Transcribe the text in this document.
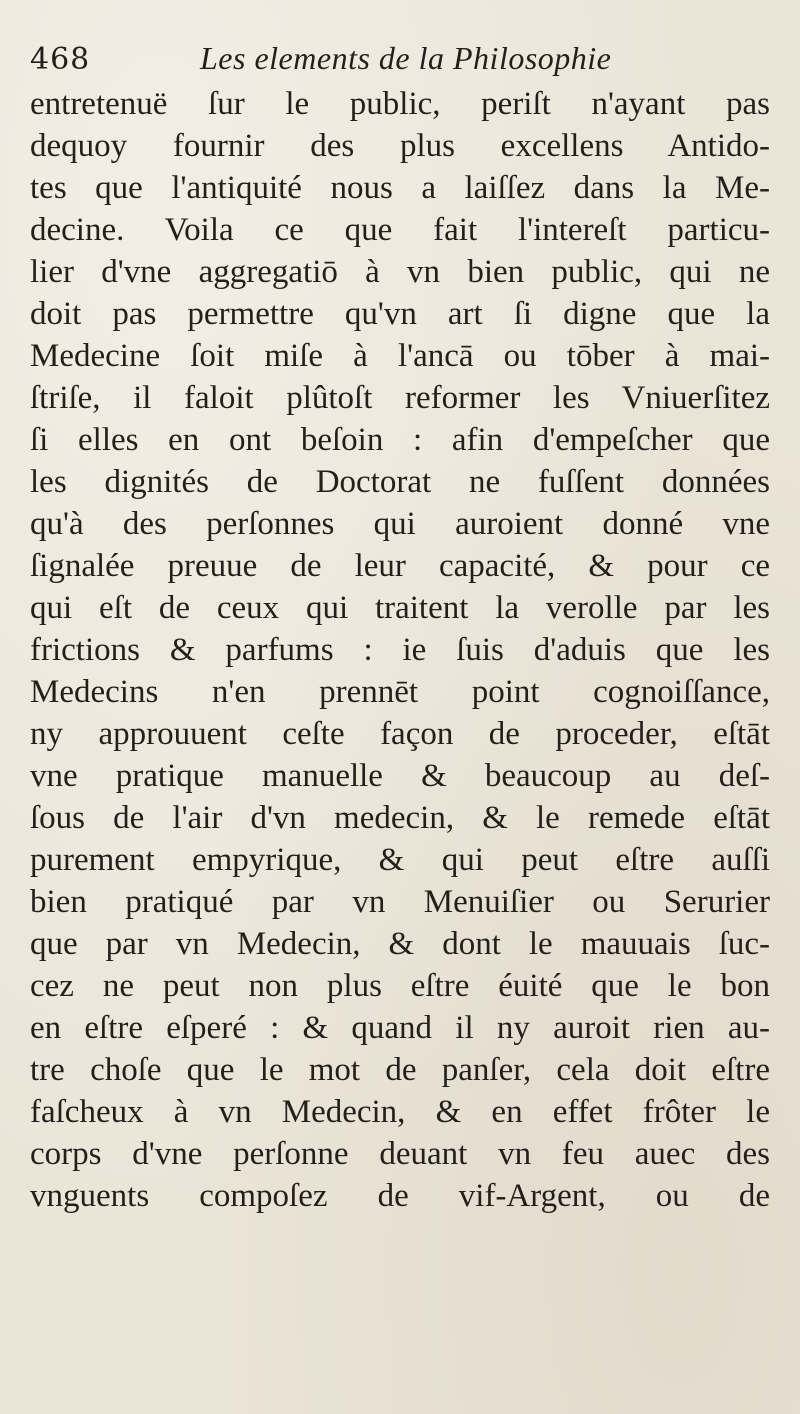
468	Les elements de la Philosophie
entretenuë ſur le public, periſt n'ayant pas
dequoy fournir des plus excellens Antido-
tes que l'antiquité nous a laiſſez dans la Me-
decine. Voila ce que fait l'intereſt particu-
lier d'vne aggregatiō à vn bien public, qui ne
doit pas permettre qu'vn art ſi digne que la
Medecine ſoit miſe à l'ancā ou tōber à mai-
ſtriſe, il faloit plûtoſt reformer les Vniuerſitez
ſi elles en ont beſoin : afin d'empeſcher que
les dignités de Doctorat ne fuſſent données
qu'à des perſonnes qui auroient donné vne
ſignalée preuue de leur capacité, & pour ce
qui eſt de ceux qui traitent la verolle par les
frictions & parfums : ie ſuis d'aduis que les
Medecins n'en prennēt point cognoiſſance,
ny approuuent ceſte façon de proceder, eſtāt
vne pratique manuelle & beaucoup au deſ-
ſous de l'air d'vn medecin, & le remede eſtāt
purement empyrique, & qui peut eſtre auſſi
bien pratiqué par vn Menuiſier ou Serurier
que par vn Medecin, & dont le mauuais ſuc-
cez ne peut non plus eſtre éuité que le bon
en eſtre eſperé : & quand il ny auroit rien au-
tre choſe que le mot de panſer, cela doit eſtre
faſcheux à vn Medecin, & en effet frôter le
corps d'vne perſonne deuant vn feu auec des
vnguents compoſez de vif-Argent, ou de
